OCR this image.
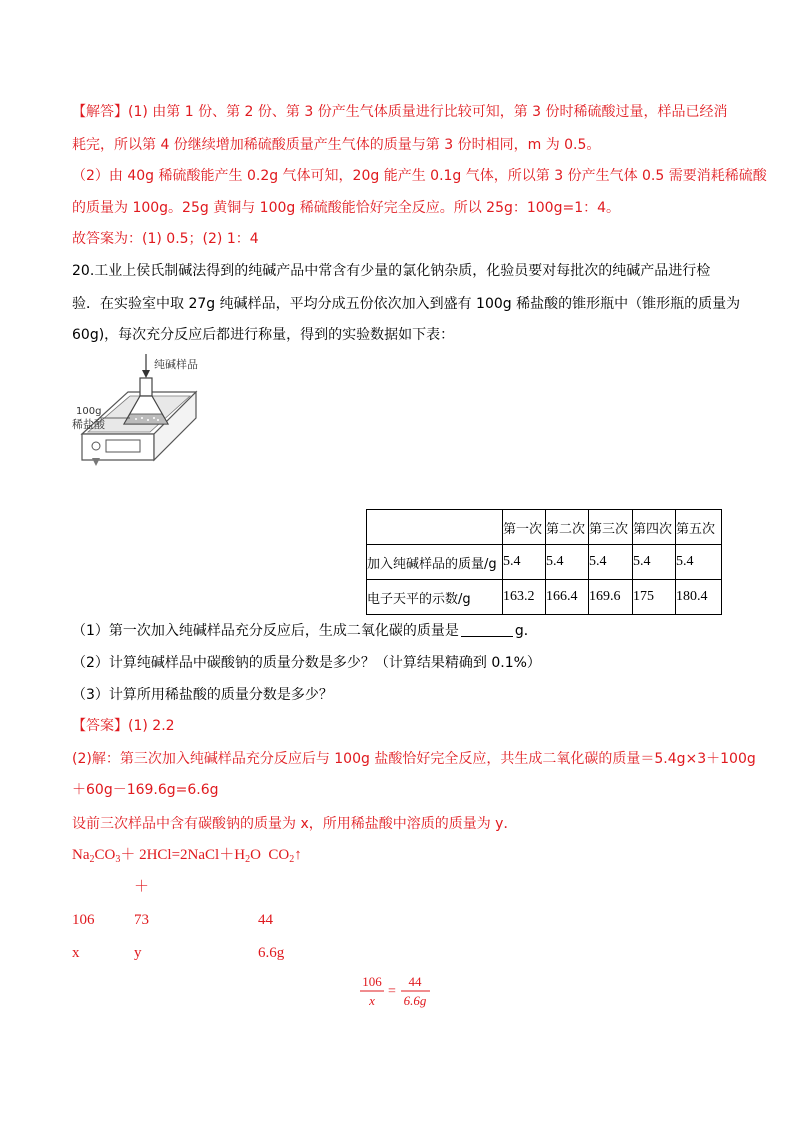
【解答】(1) 由第 1 份、第 2 份、第 3 份产生气体质量进行比较可知，第 3 份时稀硫酸过量，样品已经消
耗完，所以第 4 份继续增加稀硫酸质量产生气体的质量与第 3 份时相同，m 为 0.5。
（2）由 40g 稀硫酸能产生 0.2g 气体可知，20g 能产生 0.1g 气体，所以第 3 份产生气体 0.5 需要消耗稀硫酸
的质量为 100g。25g 黄铜与 100g 稀硫酸能恰好完全反应。所以 25g：100g=1：4。
故答案为：(1) 0.5；(2) 1：4
20.工业上侯氏制碱法得到的纯碱产品中常含有少量的氯化钠杂质，化验员要对每批次的纯碱产品进行检
验．在实验室中取 27g 纯碱样品，平均分成五份依次加入到盛有 100g 稀盐酸的锥形瓶中（锥形瓶的质量为
60g)，每次充分反应后都进行称量，得到的实验数据如下表：
纯碱样品
100g
稀盐酸
	第一次	第二次	第三次	第四次	第五次
加入纯碱样品的质量/g	5.4	5.4	5.4	5.4	5.4
电子天平的示数/g	163.2	166.4	169.6	175	180.4
（1）第一次加入纯碱样品充分反应后，生成二氧化碳的质量是	g．
（2）计算纯碱样品中碳酸钠的质量分数是多少？（计算结果精确到 0.1%）
（3）计算所用稀盐酸的质量分数是多少？
【答案】(1) 2.2
(2)解：第三次加入纯碱样品充分反应后与 100g 盐酸恰好完全反应，共生成二氧化碳的质量＝5.4g×3＋100g
＋60g－169.6g=6.6g
设前三次样品中含有碳酸钠的质量为 x，所用稀盐酸中溶质的质量为 y．
$Na_2CO_3+$ $2HCl=2NaCl+H_2O$ $CO_2↑$
＋
106	73	44
x	y	6.6g
106
x
=
44
6.6g
